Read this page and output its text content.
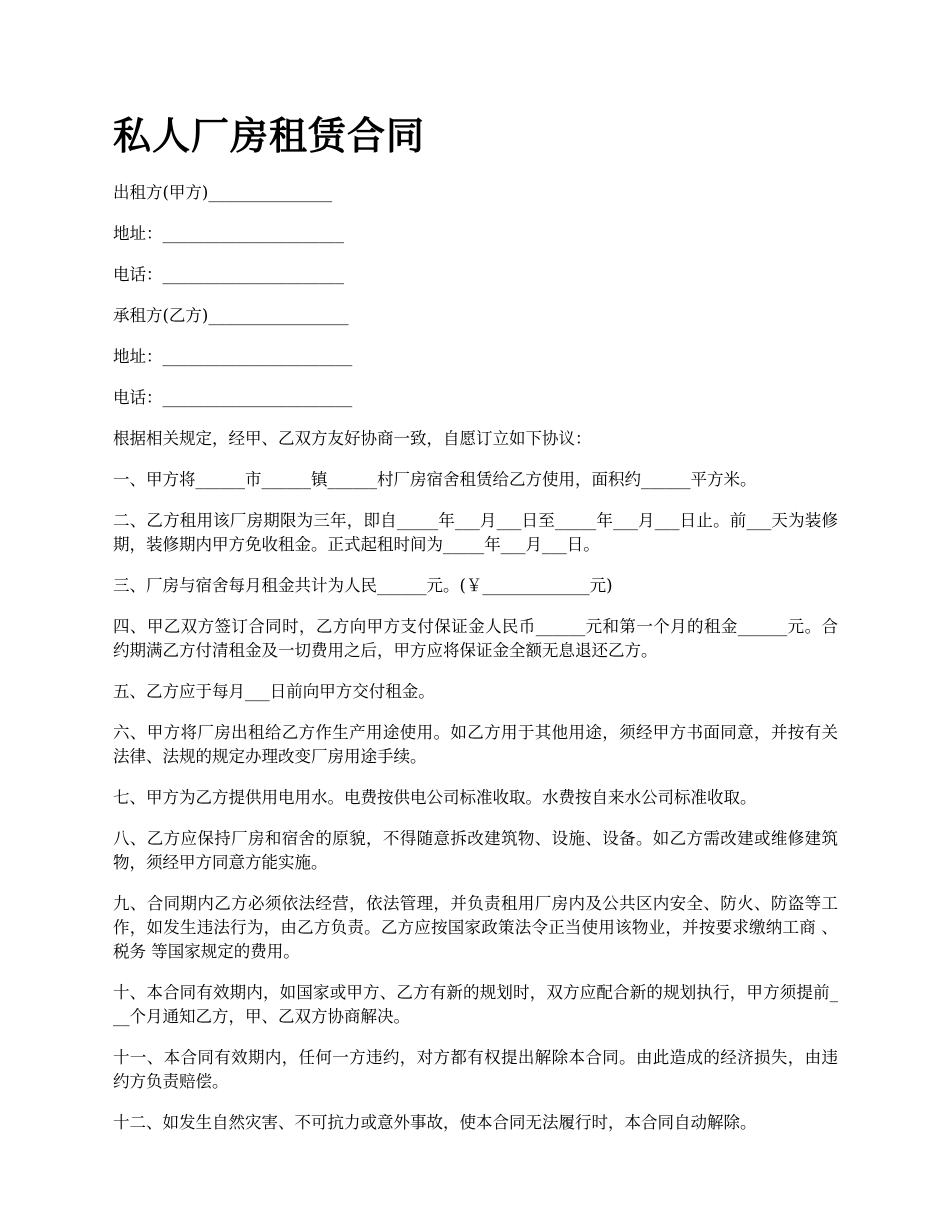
私人厂房租赁合同

出租方(甲方)_______________

地址：______________________

电话：______________________

承租方(乙方)_________________

地址：_______________________

电话：_______________________

根据相关规定，经甲、乙双方友好协商一致，自愿订立如下协议：

一、甲方将______市______镇______村厂房宿舍租赁给乙方使用，面积约______平方米。

二、乙方租用该厂房期限为三年，即自_____年___月___日至_____年___月___日止。前___天为装修期，装修期内甲方免收租金。正式起租时间为_____年___月___日。

三、厂房与宿舍每月租金共计为人民______元。(￥_____________元)

四、甲乙双方签订合同时，乙方向甲方支付保证金人民币______元和第一个月的租金______元。合约期满乙方付清租金及一切费用之后，甲方应将保证金全额无息退还乙方。

五、乙方应于每月___日前向甲方交付租金。

六、甲方将厂房出租给乙方作生产用途使用。如乙方用于其他用途，须经甲方书面同意，并按有关法律、法规的规定办理改变厂房用途手续。

七、甲方为乙方提供用电用水。电费按供电公司标准收取。水费按自来水公司标准收取。

八、乙方应保持厂房和宿舍的原貌，不得随意拆改建筑物、设施、设备。如乙方需改建或维修建筑物，须经甲方同意方能实施。

九、合同期内乙方必须依法经营，依法管理，并负责租用厂房内及公共区内安全、防火、防盗等工作，如发生违法行为，由乙方负责。乙方应按国家政策法令正当使用该物业，并按要求缴纳工商 、税务 等国家规定的费用。

十、本合同有效期内，如国家或甲方、乙方有新的规划时，双方应配合新的规划执行，甲方须提前___个月通知乙方，甲、乙双方协商解决。

十一、本合同有效期内，任何一方违约，对方都有权提出解除本合同。由此造成的经济损失，由违约方负责赔偿。

十二、如发生自然灾害、不可抗力或意外事故，使本合同无法履行时，本合同自动解除。
